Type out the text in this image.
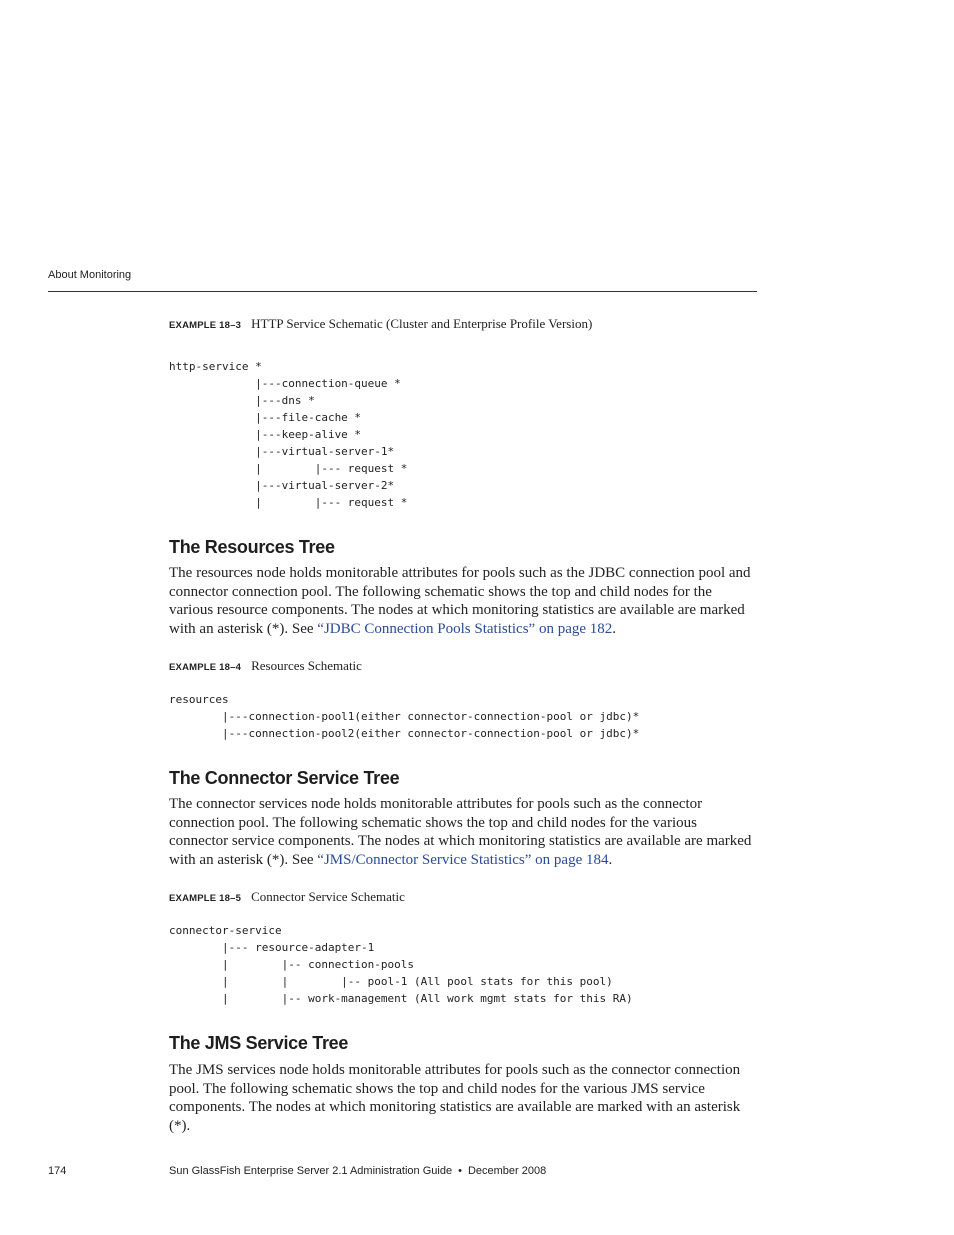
About Monitoring
EXAMPLE 18–3 HTTP Service Schematic (Cluster and Enterprise Profile Version)
http-service *
|---connection-queue *
|---dns *
|---file-cache *
|---keep-alive *
|---virtual-server-1*
|        |--- request *
|---virtual-server-2*
|        |--- request *
The Resources Tree

The resources node holds monitorable attributes for pools such as the JDBC connection pool and connector connection pool. The following schematic shows the top and child nodes for the various resource components. The nodes at which monitoring statistics are available are marked with an asterisk (*). See “JDBC Connection Pools Statistics” on page 182.

EXAMPLE 18–4 Resources Schematic
resources
|---connection-pool1(either connector-connection-pool or jdbc)*
|---connection-pool2(either connector-connection-pool or jdbc)*
The Connector Service Tree

The connector services node holds monitorable attributes for pools such as the connector connection pool. The following schematic shows the top and child nodes for the various connector service components. The nodes at which monitoring statistics are available are marked with an asterisk (*). See “JMS/Connector Service Statistics” on page 184.

EXAMPLE 18–5 Connector Service Schematic
connector-service
|--- resource-adapter-1
|        |-- connection-pools
|        |        |-- pool-1 (All pool stats for this pool)
|        |-- work-management (All work mgmt stats for this RA)
The JMS Service Tree

The JMS services node holds monitorable attributes for pools such as the connector connection pool. The following schematic shows the top and child nodes for the various JMS service components. The nodes at which monitoring statistics are available are marked with an asterisk (*).

174	Sun GlassFish Enterprise Server 2.1 Administration Guide • December 2008
